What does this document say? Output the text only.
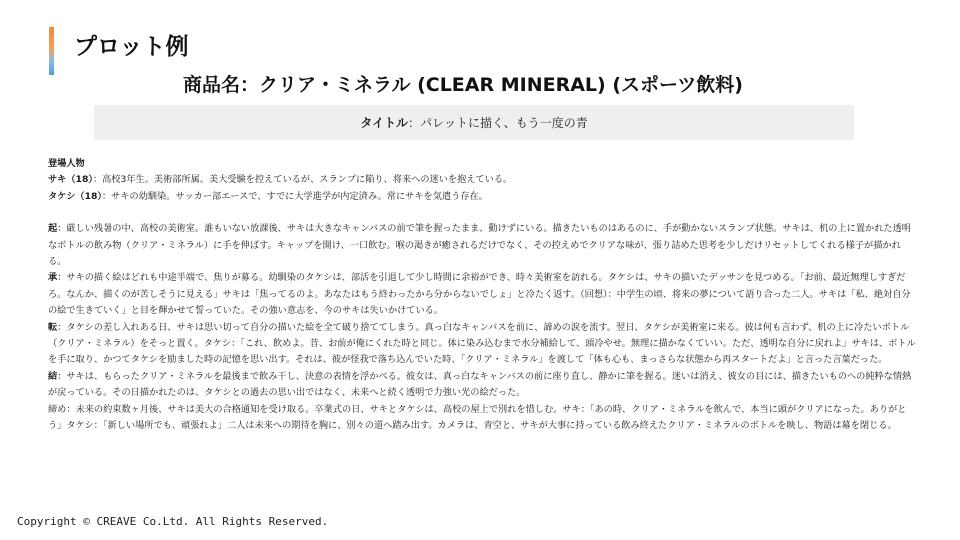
プロット例
商品名：クリア・ミネラル (CLEAR MINERAL) (スポーツ飲料)
タイトル ： パレットに描く、もう一度の青

登場人物

サキ（18）：高校3年生。美術部所属。美大受験を控えているが、スランプに陥り、将来への迷いを抱えている。

タケシ（18）：サキの幼馴染。サッカー部エースで、すでに大学進学が内定済み。常にサキを気遣う存在。

起：厳しい残暑の中、高校の美術室。誰もいない放課後、サキは大きなキャンバスの前で筆を握ったまま、動けずにいる。描きたいものはあるのに、手が動かないスランプ状態。サキは、机の上に置かれた透明なボトルの飲み物（クリア・ミネラル）に手を伸ばす。キャップを開け、一口飲む。喉の渇きが癒されるだけでなく、その控えめでクリアな味が、張り詰めた思考を少しだけリセットしてくれる様子が描かれる。

承：サキの描く絵はどれも中途半端で、焦りが募る。幼馴染のタケシは、部活を引退して少し時間に余裕ができ、時々美術室を訪れる。タケシは、サキの描いたデッサンを見つめる。「お前、最近無理しすぎだろ。なんか、描くのが苦しそうに見える」サキは「焦ってるのよ。あなたはもう終わったから分からないでしょ」と冷たく返す。（回想）：中学生の頃、将来の夢について語り合った二人。サキは「私、絶対自分の絵で生きていく」と目を輝かせて誓っていた。その強い意志を、今のサキは失いかけている。

転：タケシの差し入れある日、サキは思い切って自分の描いた絵を全て破り捨ててしまう。真っ白なキャンバスを前に、諦めの涙を流す。翌日、タケシが美術室に来る。彼は何も言わず、机の上に冷たいボトル（クリア・ミネラル）をそっと置く。タケシ：「これ、飲めよ。昔、お前が俺にくれた時と同じ。体に染み込むまで水分補給して、頭冷やせ。無理に描かなくていい。ただ、透明な自分に戻れよ」サキは、ボトルを手に取り、かつてタケシを励ました時の記憶を思い出す。それは、彼が怪我で落ち込んでいた時、「クリア・ミネラル」を渡して「体も心も、まっさらな状態から再スタートだよ」と言った言葉だった。

結：サキは、もらったクリア・ミネラルを最後まで飲み干し、決意の表情を浮かべる。彼女は、真っ白なキャンバスの前に座り直し、静かに筆を握る。迷いは消え、彼女の目には、描きたいものへの純粋な情熱が戻っている。その日描かれたのは、タケシとの過去の思い出ではなく、未来へと続く透明で力強い光の絵だった。

締め：未来の約束数ヶ月後、サキは美大の合格通知を受け取る。卒業式の日、サキとタケシは、高校の屋上で別れを惜しむ。サキ：「あの時、クリア・ミネラルを飲んで、本当に頭がクリアになった。ありがとう」タケシ：「新しい場所でも、頑張れよ」二人は未来への期待を胸に、別々の道へ踏み出す。カメラは、青空と、サキが大事に持っている飲み終えたクリア・ミネラルのボトルを映し、物語は幕を閉じる。

Copyright © CREAVE Co.Ltd. All Rights Reserved.
